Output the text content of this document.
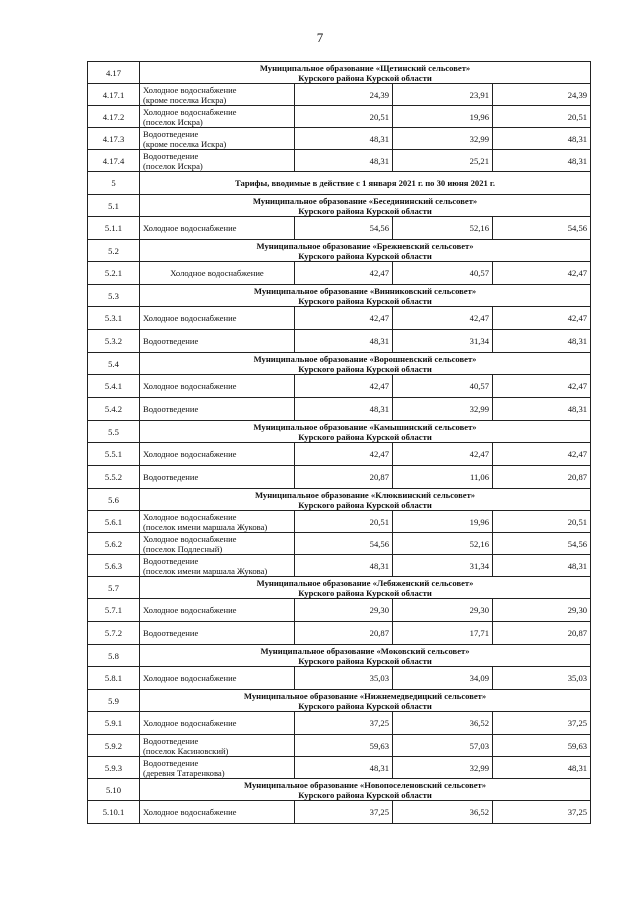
7
4.17	Муниципальное образование «Щетинский сельсовет»
Курского района Курской области			

4.17.1	Холодное водоснабжение
(кроме поселка Искра)	24,39	23,91	24,39
4.17.2	Холодное водоснабжение
(поселок Искра)	20,51	19,96	20,51
4.17.3	Водоотведение
(кроме поселка Искра)	48,31	32,99	48,31
4.17.4	Водоотведение
(поселок Искра)	48,31	25,21	48,31
5	Тарифы, вводимые в действие с 1 января 2021 г. по 30 июня 2021 г.			
5.1	Муниципальное образование «Беседининский сельсовет»
Курского района Курской области			

5.1.1	Холодное водоснабжение	54,56	52,16	54,56
5.2	Муниципальное образование «Брежневский сельсовет»
Курского района Курской области			

5.2.1	Холодное водоснабжение	42,47	40,57	42,47
5.3	Муниципальное образование «Винниковский сельсовет»
Курского района Курской области			

5.3.1	Холодное водоснабжение	42,47	42,47	42,47
5.3.2	Водоотведение	48,31	31,34	48,31
5.4	Муниципальное образование «Ворошневский сельсовет»
Курского района Курской области			

5.4.1	Холодное водоснабжение	42,47	40,57	42,47
5.4.2	Водоотведение	48,31	32,99	48,31
5.5	Муниципальное образование «Камышинский сельсовет»
Курского района Курской области			

5.5.1	Холодное водоснабжение	42,47	42,47	42,47
5.5.2	Водоотведение	20,87	11,06	20,87
5.6	Муниципальное образование «Клюквинский сельсовет»
Курского района Курской области			

5.6.1	Холодное водоснабжение
(поселок имени маршала Жукова)	20,51	19,96	20,51
5.6.2	Холодное водоснабжение
(поселок Подлесный)	54,56	52,16	54,56
5.6.3	Водоотведение
(поселок имени маршала Жукова)	48,31	31,34	48,31
5.7	Муниципальное образование «Лебяженский сельсовет»
Курского района Курской области			

5.7.1	Холодное водоснабжение	29,30	29,30	29,30
5.7.2	Водоотведение	20,87	17,71	20,87
5.8	Муниципальное образование «Моковский сельсовет»
Курского района Курской области			

5.8.1	Холодное водоснабжение	35,03	34,09	35,03
5.9	Муниципальное образование «Нижнемедведицкий сельсовет»
Курского района Курской области			

5.9.1	Холодное водоснабжение	37,25	36,52	37,25
5.9.2	Водоотведение
(поселок Касиновский)	59,63	57,03	59,63
5.9.3	Водоотведение
(деревня Татаренкова)	48,31	32,99	48,31
5.10	Муниципальное образование «Новопоселеновский сельсовет»
Курского района Курской области			

5.10.1	Холодное водоснабжение	37,25	36,52	37,25
